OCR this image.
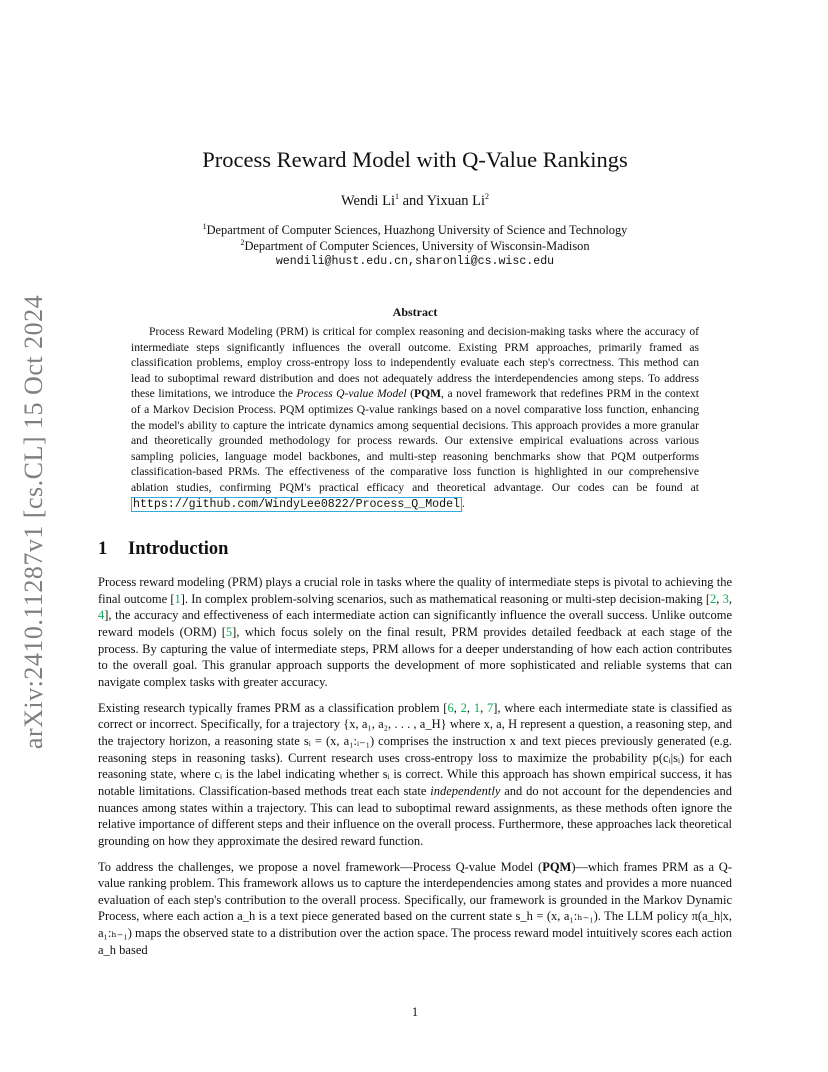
arXiv:2410.11287v1 [cs.CL] 15 Oct 2024
Process Reward Model with Q-Value Rankings
Wendi Li$^1$ and Yixuan Li$^2$
$^1$Department of Computer Sciences, Huazhong University of Science and Technology
$^2$Department of Computer Sciences, University of Wisconsin-Madison
wendili@hust.edu.cn,sharonli@cs.wisc.edu
Abstract

Process Reward Modeling (PRM) is critical for complex reasoning and decision-making tasks where the accuracy of intermediate steps significantly influences the overall outcome. Existing PRM approaches, primarily framed as classification problems, employ cross-entropy loss to independently evaluate each step's correctness. This method can lead to suboptimal reward distribution and does not adequately address the interdependencies among steps. To address these limitations, we introduce the Process Q-value Model (PQM, a novel framework that redefines PRM in the context of a Markov Decision Process. PQM optimizes Q-value rankings based on a novel comparative loss function, enhancing the model's ability to capture the intricate dynamics among sequential decisions. This approach provides a more granular and theoretically grounded methodology for process rewards. Our extensive empirical evaluations across various sampling policies, language model backbones, and multi-step reasoning benchmarks show that PQM outperforms classification-based PRMs. The effectiveness of the comparative loss function is highlighted in our comprehensive ablation studies, confirming PQM's practical efficacy and theoretical advantage. Our codes can be found at https://github.com/WindyLee0822/Process_Q_Model .

1 Introduction

Process reward modeling (PRM) plays a crucial role in tasks where the quality of intermediate steps is pivotal to achieving the final outcome [1]. In complex problem-solving scenarios, such as mathematical reasoning or multi-step decision-making [2, 3, 4], the accuracy and effectiveness of each intermediate action can significantly influence the overall success. Unlike outcome reward models (ORM) [5], which focus solely on the final result, PRM provides detailed feedback at each stage of the process. By capturing the value of intermediate steps, PRM allows for a deeper understanding of how each action contributes to the overall goal. This granular approach supports the development of more sophisticated and reliable systems that can navigate complex tasks with greater accuracy.

Existing research typically frames PRM as a classification problem [6, 2, 1, 7], where each intermediate state is classified as correct or incorrect. Specifically, for a trajectory {x, a₁, a₂, . . . , a_H} where x, a, H represent a question, a reasoning step, and the trajectory horizon, a reasoning state sᵢ = (x, a₁:ᵢ₋₁) comprises the instruction x and text pieces previously generated (e.g. reasoning steps in reasoning tasks). Current research uses cross-entropy loss to maximize the probability p(cᵢ|sᵢ) for each reasoning state, where cᵢ is the label indicating whether sᵢ is correct. While this approach has shown empirical success, it has notable limitations. Classification-based methods treat each state independently and do not account for the dependencies and nuances among states within a trajectory. This can lead to suboptimal reward assignments, as these methods often ignore the relative importance of different steps and their influence on the overall process. Furthermore, these approaches lack theoretical grounding on how they approximate the desired reward function.

To address the challenges, we propose a novel framework—Process Q-value Model (PQM)—which frames PRM as a Q-value ranking problem. This framework allows us to capture the interdependencies among states and provides a more nuanced evaluation of each step's contribution to the overall process. Specifically, our framework is grounded in the Markov Dynamic Process, where each action a_h is a text piece generated based on the current state s_h = (x, a₁:ₕ₋₁). The LLM policy π(a_h|x, a₁:ₕ₋₁) maps the observed state to a distribution over the action space. The process reward model intuitively scores each action a_h based

1
